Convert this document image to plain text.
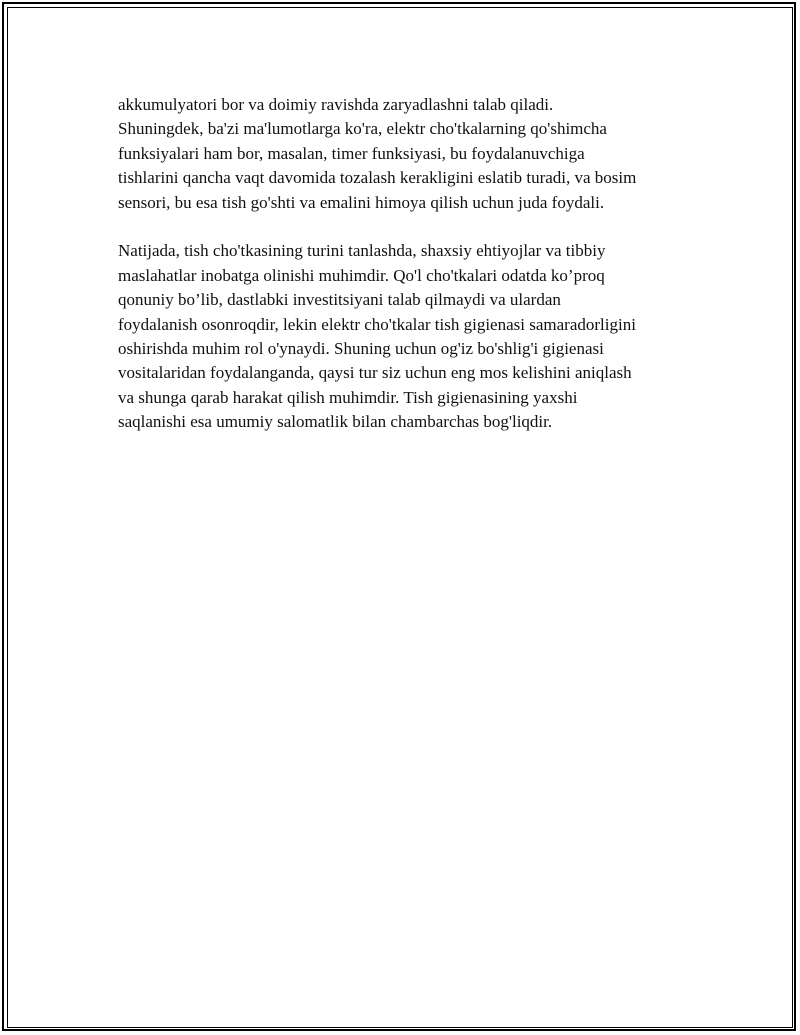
akkumulyatori bor va doimiy ravishda zaryadlashni talab qiladi.
Shuningdek, ba'zi ma'lumotlarga ko'ra, elektr cho'tkalarning qo'shimcha
funksiyalari ham bor, masalan, timer funksiyasi, bu foydalanuvchiga
tishlarini qancha vaqt davomida tozalash kerakligini eslatib turadi, va bosim
sensori, bu esa tish go'shti va emalini himoya qilish uchun juda foydali.

Natijada, tish cho'tkasining turini tanlashda, shaxsiy ehtiyojlar va tibbiy
maslahatlar inobatga olinishi muhimdir. Qo'l cho'tkalari odatda ko’proq
qonuniy bo’lib, dastlabki investitsiyani talab qilmaydi va ulardan
foydalanish osonroqdir, lekin elektr cho'tkalar tish gigienasi samaradorligini
oshirishda muhim rol o'ynaydi. Shuning uchun og'iz bo'shlig'i gigienasi
vositalaridan foydalanganda, qaysi tur siz uchun eng mos kelishini aniqlash
va shunga qarab harakat qilish muhimdir. Tish gigienasining yaxshi
saqlanishi esa umumiy salomatlik bilan chambarchas bog'liqdir.
